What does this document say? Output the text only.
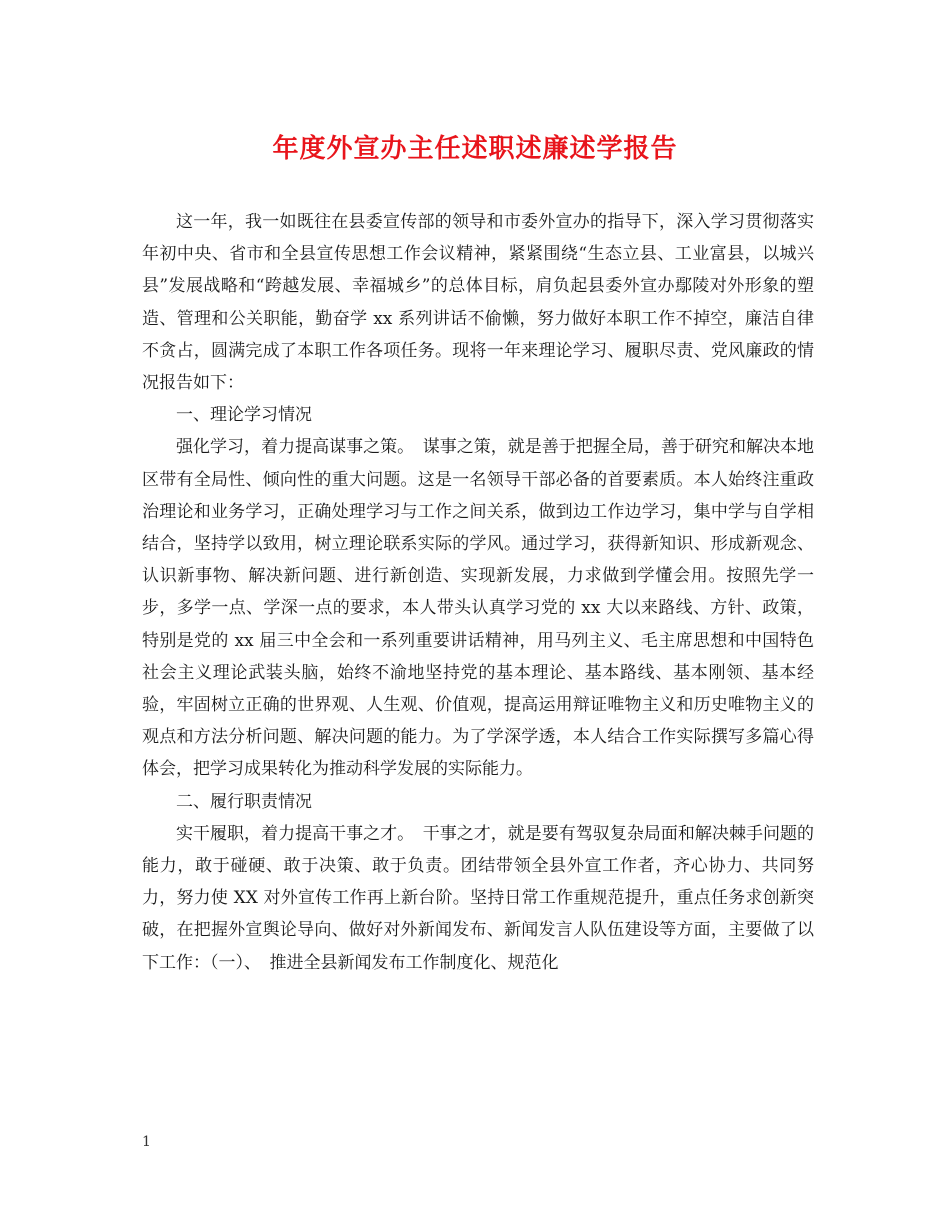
年度外宣办主任述职述廉述学报告

这一年，我一如既往在县委宣传部的领导和市委外宣办的指导下，深入学习贯彻落实年初中央、省市和全县宣传思想工作会议精神，紧紧围绕“生态立县、工业富县，以城兴县”发展战略和“跨越发展、幸福城乡”的总体目标，肩负起县委外宣办鄢陵对外形象的塑造、管理和公关职能，勤奋学 xx 系列讲话不偷懒，努力做好本职工作不掉空，廉洁自律不贪占，圆满完成了本职工作各项任务。现将一年来理论学习、履职尽责、党风廉政的情况报告如下：

一、理论学习情况

强化学习，着力提高谋事之策。　谋事之策，就是善于把握全局，善于研究和解决本地区带有全局性、倾向性的重大问题。这是一名领导干部必备的首要素质。本人始终注重政治理论和业务学习，正确处理学习与工作之间关系，做到边工作边学习，集中学与自学相结合，坚持学以致用，树立理论联系实际的学风。通过学习，获得新知识、形成新观念、认识新事物、解决新问题、进行新创造、实现新发展，力求做到学懂会用。按照先学一步，多学一点、学深一点的要求，本人带头认真学习党的 xx 大以来路线、方针、政策，特别是党的 xx 届三中全会和一系列重要讲话精神，用马列主义、毛主席思想和中国特色社会主义理论武装头脑，始终不渝地坚持党的基本理论、基本路线、基本刚领、基本经验，牢固树立正确的世界观、人生观、价值观，提高运用辩证唯物主义和历史唯物主义的观点和方法分析问题、解决问题的能力。为了学深学透，本人结合工作实际撰写多篇心得体会，把学习成果转化为推动科学发展的实际能力。

二、履行职责情况

实干履职，着力提高干事之才。　干事之才，就是要有驾驭复杂局面和解决棘手问题的能力，敢于碰硬、敢于决策、敢于负责。团结带领全县外宣工作者，齐心协力、共同努力，努力使 XX 对外宣传工作再上新台阶。坚持日常工作重规范提升，重点任务求创新突破，在把握外宣舆论导向、做好对外新闻发布、新闻发言人队伍建设等方面，主要做了以下工作：（一）、　推进全县新闻发布工作制度化、规范化

1
